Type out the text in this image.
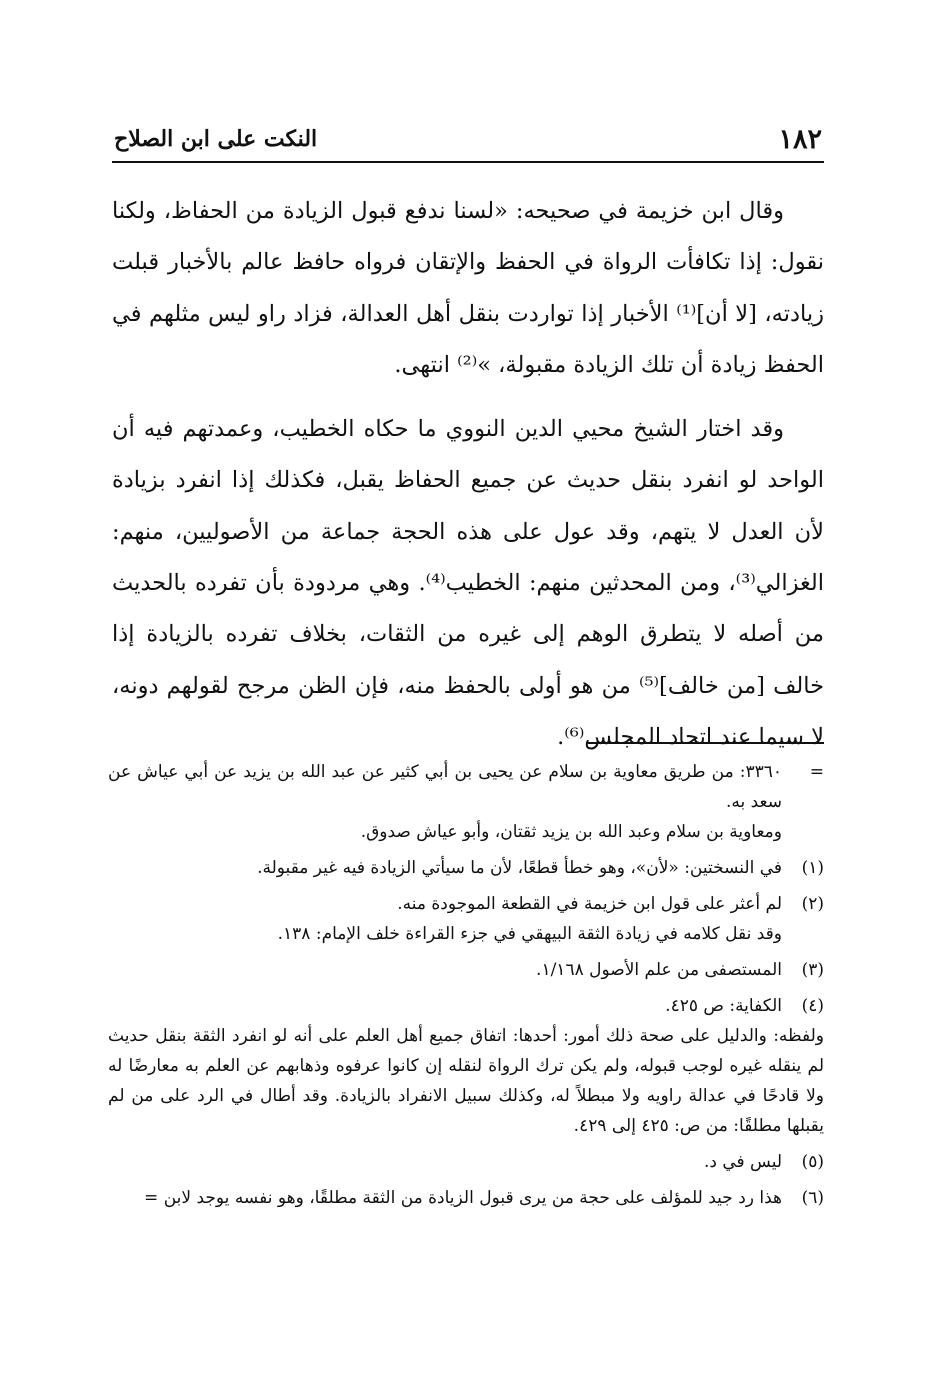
١٨٢
النكت على ابن الصلاح

وقال ابن خزيمة في صحيحه: «لسنا ندفع قبول الزيادة من الحفاظ، ولكنا نقول: إذا تكافأت الرواة في الحفظ والإتقان فرواه حافظ عالم بالأخبار قبلت زيادته، [لا أن]⁽¹⁾ الأخبار إذا تواردت بنقل أهل العدالة، فزاد راو ليس مثلهم في الحفظ زيادة أن تلك الزيادة مقبولة، »⁽²⁾ انتهى.

وقد اختار الشيخ محيي الدين النووي ما حكاه الخطيب، وعمدتهم فيه أن الواحد لو انفرد بنقل حديث عن جميع الحفاظ يقبل، فكذلك إذا انفرد بزيادة لأن العدل لا يتهم، وقد عول على هذه الحجة جماعة من الأصوليين، منهم: الغزالي⁽³⁾، ومن المحدثين منهم: الخطيب⁽⁴⁾. وهي مردودة بأن تفرده بالحديث من أصله لا يتطرق الوهم إلى غيره من الثقات، بخلاف تفرده بالزيادة إذا خالف [من خالف]⁽⁵⁾ من هو أولى بالحفظ منه، فإن الظن مرجح لقولهم دونه، لا سيما عند اتحاد المجلس⁽⁶⁾.

=
٣٣٦٠: من طريق معاوية بن سلام عن يحيى بن أبي كثير عن عبد الله بن يزيد عن أبي عياش عن سعد به.
ومعاوية بن سلام وعبد الله بن يزيد ثقتان، وأبو عياش صدوق.
(١)
في النسختين: «لأن»، وهو خطأ قطعًا، لأن ما سيأتي الزيادة فيه غير مقبولة.
(٢)
لم أعثر على قول ابن خزيمة في القطعة الموجودة منه.
وقد نقل كلامه في زيادة الثقة البيهقي في جزء القراءة خلف الإمام: ١٣٨.
(٣)
المستصفى من علم الأصول ١/١٦٨.
(٤)
الكفاية: ص ٤٢٥.
ولفظه: والدليل على صحة ذلك أمور: أحدها: اتفاق جميع أهل العلم على أنه لو انفرد الثقة بنقل حديث لم ينقله غيره لوجب قبوله، ولم يكن ترك الرواة لنقله إن كانوا عرفوه وذهابهم عن العلم به معارضًا له ولا قادحًا في عدالة راويه ولا مبطلاً له، وكذلك سبيل الانفراد بالزيادة. وقد أطال في الرد على من لم يقبلها مطلقًا: من ص: ٤٢٥ إلى ٤٢٩.
(٥)
ليس في د.
(٦)
هذا رد جيد للمؤلف على حجة من يرى قبول الزيادة من الثقة مطلقًا، وهو نفسه يوجد لابن =
